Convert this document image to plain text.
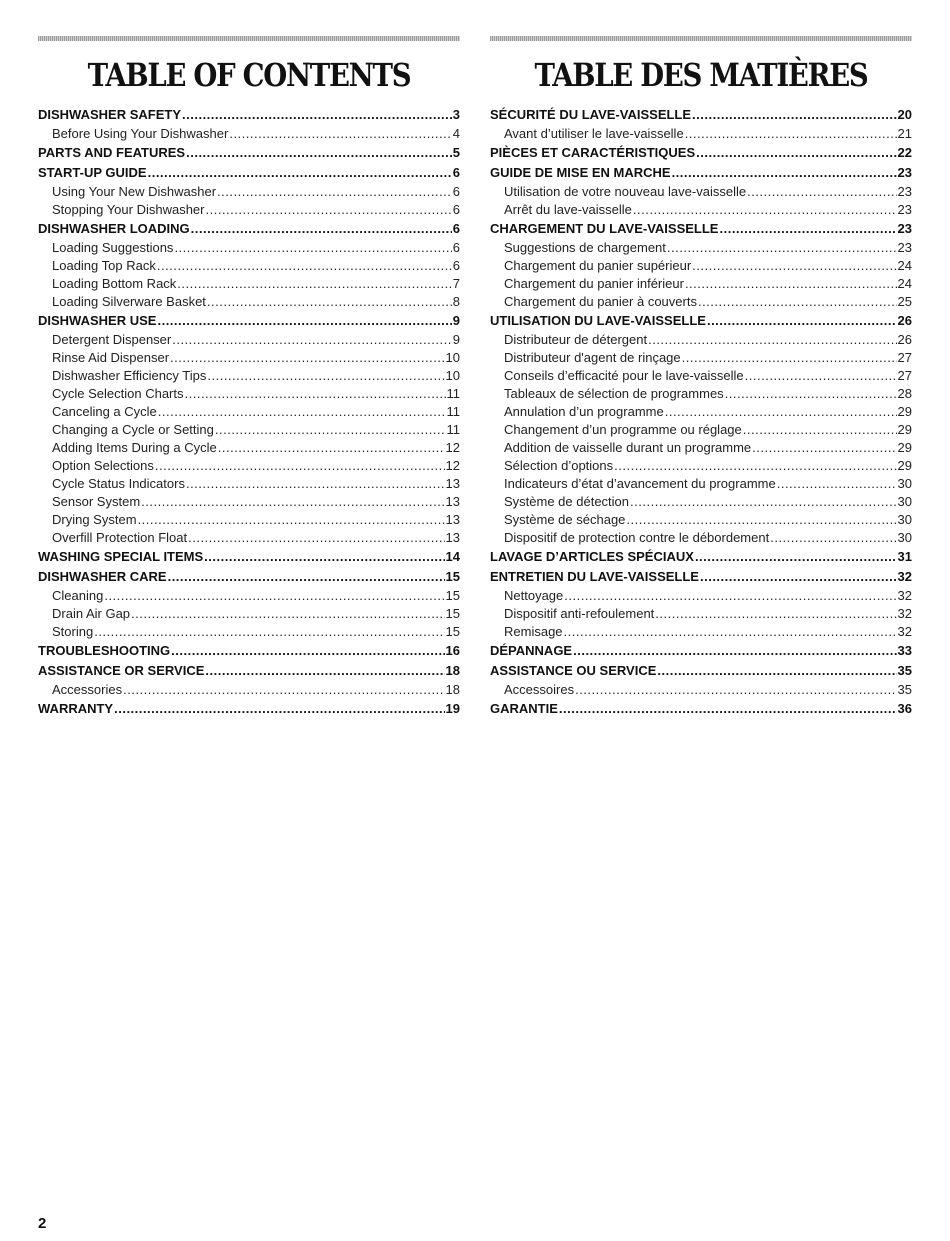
TABLE OF CONTENTS
DISHWASHER SAFETY .....	3
Before Using Your Dishwasher .....	4
PARTS AND FEATURES .....	5
START-UP GUIDE .....	6
Using Your New Dishwasher .....	6
Stopping Your Dishwasher .....	6
DISHWASHER LOADING .....	6
Loading Suggestions .....	6
Loading Top Rack .....	6
Loading Bottom Rack .....	7
Loading Silverware Basket .....	8
DISHWASHER USE .....	9
Detergent Dispenser .....	9
Rinse Aid Dispenser .....	10
Dishwasher Efficiency Tips .....	10
Cycle Selection Charts .....	11
Canceling a Cycle .....	11
Changing a Cycle or Setting .....	11
Adding Items During a Cycle .....	12
Option Selections .....	12
Cycle Status Indicators .....	13
Sensor System .....	13
Drying System .....	13
Overfill Protection Float .....	13
WASHING SPECIAL ITEMS .....	14
DISHWASHER CARE .....	15
Cleaning .....	15
Drain Air Gap .....	15
Storing .....	15
TROUBLESHOOTING .....	16
ASSISTANCE OR SERVICE .....	18
Accessories .....	18
WARRANTY .....	19
TABLE DES MATIÈRES
SÉCURITÉ DU LAVE-VAISSELLE .....	20
Avant d’utiliser le lave-vaisselle .....	21
PIÈCES ET CARACTÉRISTIQUES .....	22
GUIDE DE MISE EN MARCHE .....	23
Utilisation de votre nouveau lave-vaisselle .....	23
Arrêt du lave-vaisselle .....	23
CHARGEMENT DU LAVE-VAISSELLE .....	23
Suggestions de chargement .....	23
Chargement du panier supérieur .....	24
Chargement du panier inférieur .....	24
Chargement du panier à couverts .....	25
UTILISATION DU LAVE-VAISSELLE .....	26
Distributeur de détergent .....	26
Distributeur d'agent de rinçage .....	27
Conseils d’efficacité pour le lave-vaisselle .....	27
Tableaux de sélection de programmes .....	28
Annulation d’un programme .....	29
Changement d’un programme ou réglage .....	29
Addition de vaisselle durant un programme .....	29
Sélection d’options .....	29
Indicateurs d’état d’avancement du programme .....	30
Système de détection .....	30
Système de séchage .....	30
Dispositif de protection contre le débordement .....	30
LAVAGE D’ARTICLES SPÉCIAUX .....	31
ENTRETIEN DU LAVE-VAISSELLE .....	32
Nettoyage .....	32
Dispositif anti-refoulement .....	32
Remisage .....	32
DÉPANNAGE .....	33
ASSISTANCE OU SERVICE .....	35
Accessoires .....	35
GARANTIE .....	36
2
